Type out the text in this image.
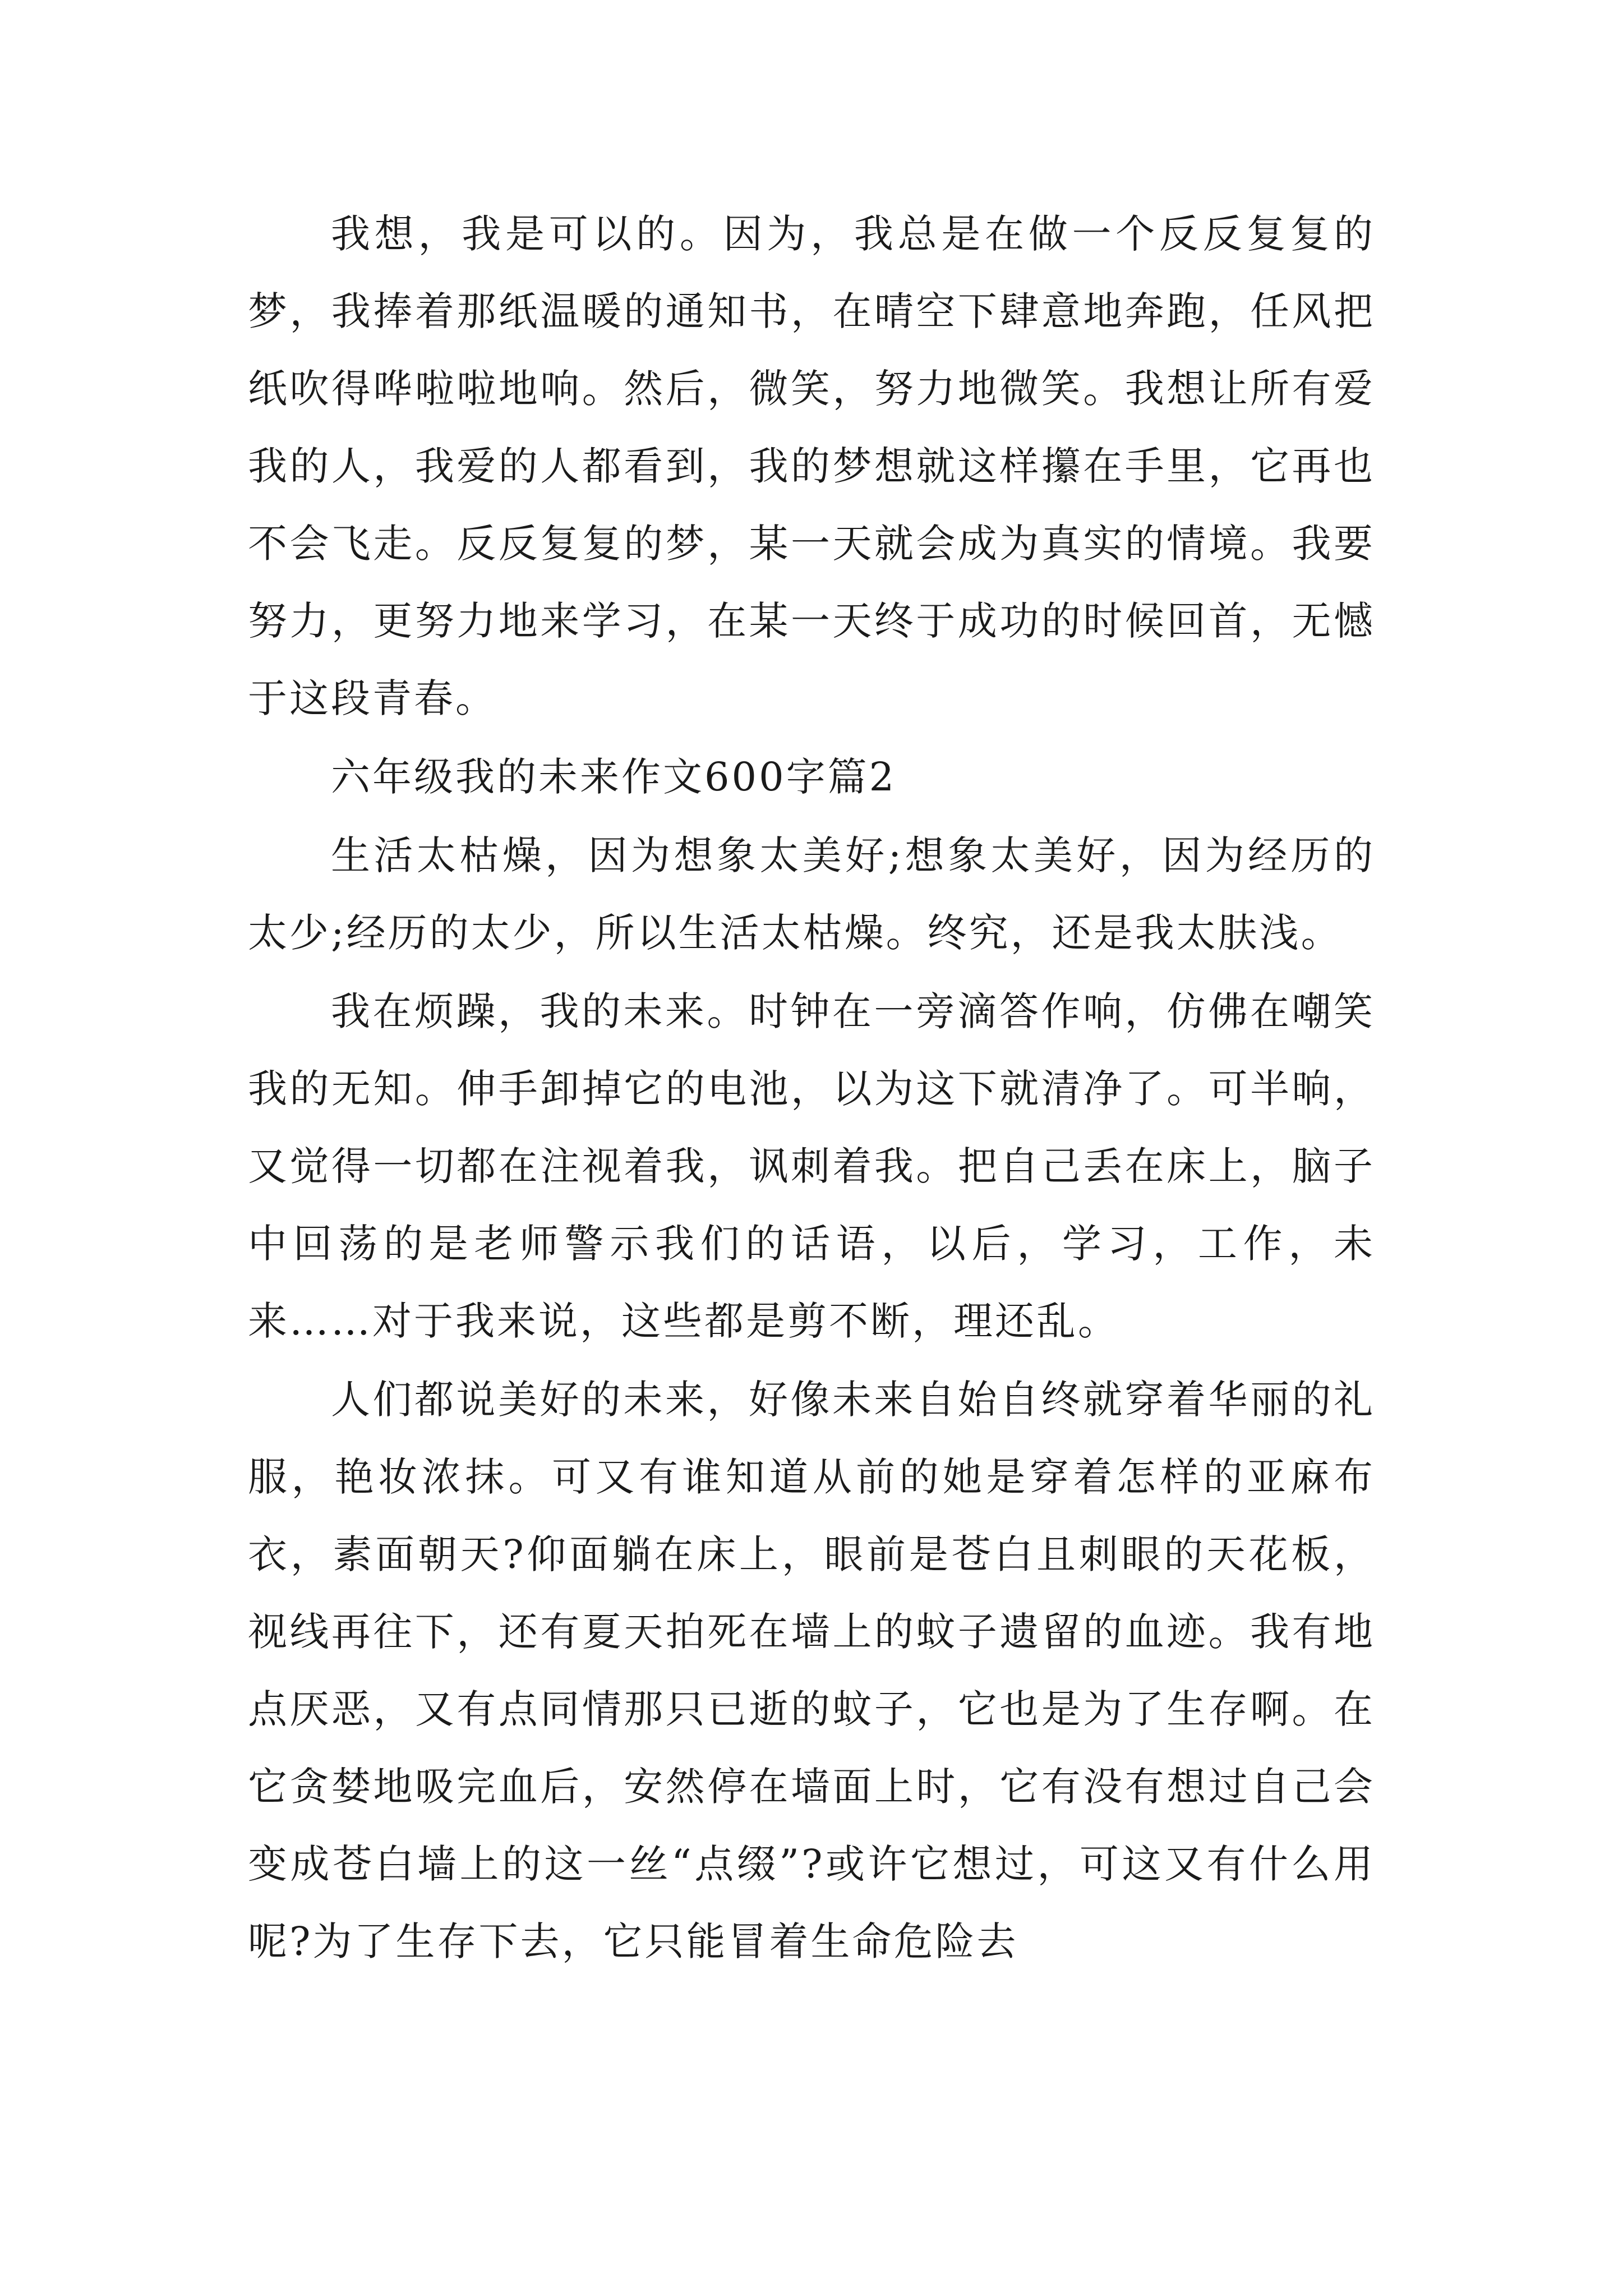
我想，我是可以的。因为，我总是在做一个反反复复的梦，我捧着那纸温暖的通知书，在晴空下肆意地奔跑，任风把纸吹得哗啦啦地响。然后，微笑，努力地微笑。我想让所有爱我的人，我爱的人都看到，我的梦想就这样攥在手里，它再也不会飞走。反反复复的梦，某一天就会成为真实的情境。我要努力，更努力地来学习，在某一天终于成功的时候回首，无憾于这段青春。

六年级我的未来作文600字篇2

生活太枯燥，因为想象太美好;想象太美好，因为经历的太少;经历的太少，所以生活太枯燥。终究，还是我太肤浅。

我在烦躁，我的未来。时钟在一旁滴答作响，仿佛在嘲笑我的无知。伸手卸掉它的电池，以为这下就清净了。可半晌，又觉得一切都在注视着我，讽刺着我。把自己丢在床上，脑子中回荡的是老师警示我们的话语，以后，学习，工作，未来……对于我来说，这些都是剪不断，理还乱。

人们都说美好的未来，好像未来自始自终就穿着华丽的礼服，艳妆浓抹。可又有谁知道从前的她是穿着怎样的亚麻布衣，素面朝天?仰面躺在床上，眼前是苍白且刺眼的天花板，视线再往下，还有夏天拍死在墙上的蚊子遗留的血迹。我有地点厌恶，又有点同情那只已逝的蚊子，它也是为了生存啊。在它贪婪地吸完血后，安然停在墙面上时，它有没有想过自己会变成苍白墙上的这一丝“点缀”?或许它想过，可这又有什么用呢?为了生存下去，它只能冒着生命危险去
